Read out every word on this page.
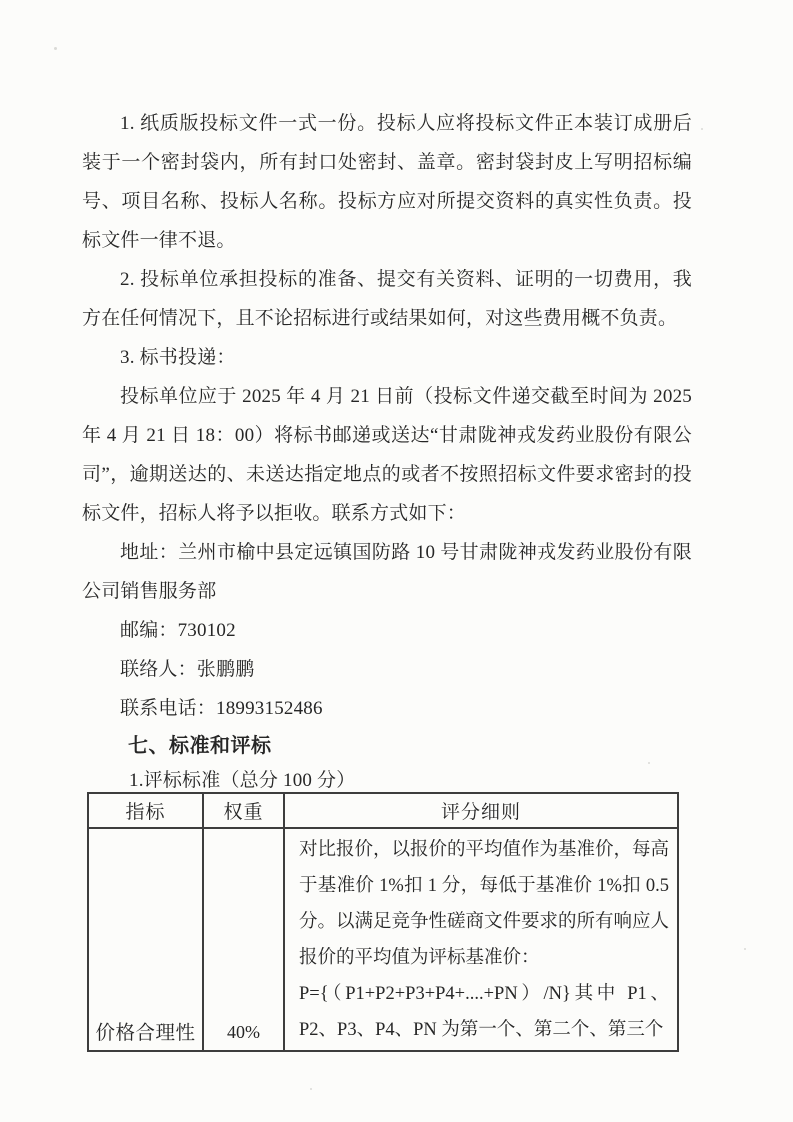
1. 纸质版投标文件一式一份。投标人应将投标文件正本装订成册后装于一个密封袋内，所有封口处密封、盖章。密封袋封皮上写明招标编号、项目名称、投标人名称。投标方应对所提交资料的真实性负责。投标文件一律不退。

2. 投标单位承担投标的准备、提交有关资料、证明的一切费用，我方在任何情况下，且不论招标进行或结果如何，对这些费用概不负责。

3. 标书投递：

投标单位应于 2025 年 4 月 21 日前（投标文件递交截至时间为 2025 年 4 月 21 日 18：00）将标书邮递或送达“甘肃陇神戎发药业股份有限公司”，逾期送达的、未送达指定地点的或者不按照招标文件要求密封的投标文件，招标人将予以拒收。联系方式如下：

地址：兰州市榆中县定远镇国防路 10 号甘肃陇神戎发药业股份有限公司销售服务部

邮编：730102

联络人：张鹏鹏

联系电话：18993152486

七、标准和评标

1.评标标准（总分 100 分）

指标	权重	评分细则
价格合理性	40%	对比报价，以报价的平均值作为基准价，每高于基准价 1%扣 1 分，每低于基准价 1%扣 0.5 分。以满足竞争性磋商文件要求的所有响应人报价的平均值为评标基准价：

P={（P1+P2+P3+P4+....+PN）/N}其中 P1、P2、P3、P4、PN 为第一个、第二个、第三个
